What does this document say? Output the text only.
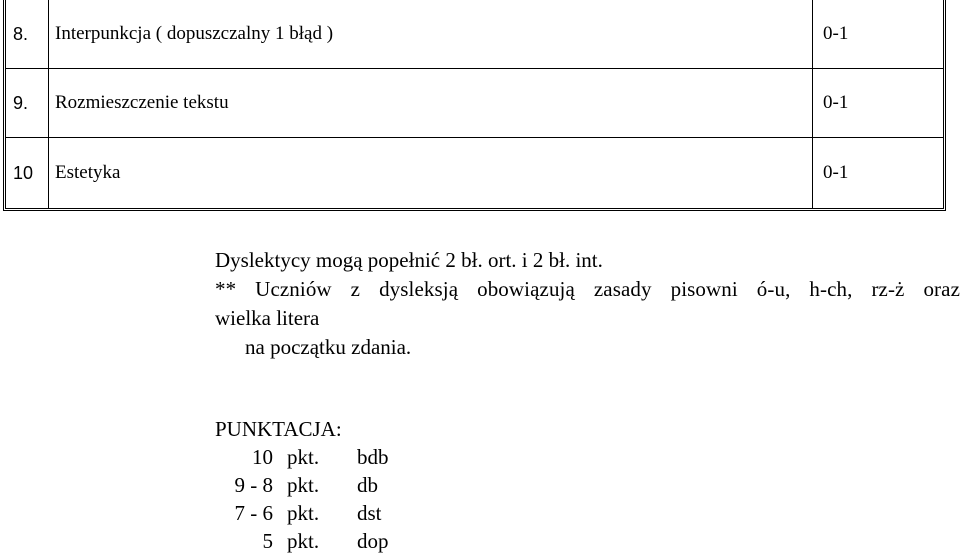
8.	Interpunkcja ( dopuszczalny 1 błąd )	0-1
9.	Rozmieszczenie tekstu	0-1
10	Estetyka	0-1

Dyslektycy mogą popełnić 2 bł. ort. i 2 bł. int.

** Uczniów z dysleksją obowiązują zasady pisowni ó-u, h-ch, rz-ż oraz

wielka litera

na początku zdania.

PUNKTACJA:

10 pkt.	bdb
9 - 8 pkt.	db
7 - 6 pkt.	dst
5 pkt.	dop
